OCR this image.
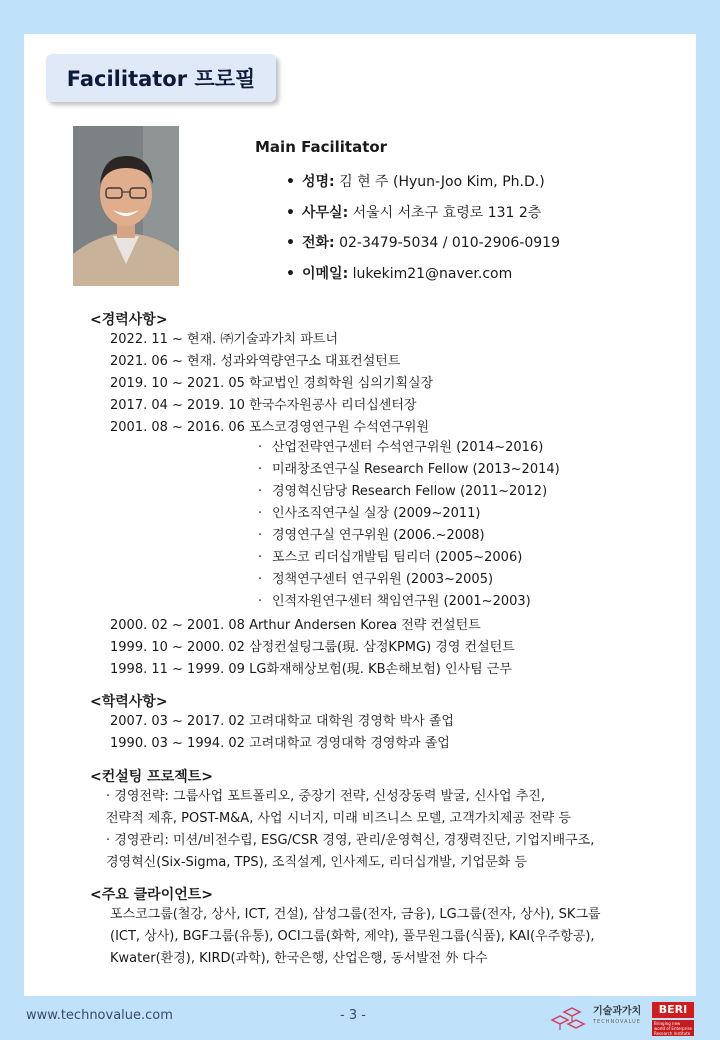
Facilitator 프로필
Main Facilitator
• 성명: 김 현 주 (Hyun-Joo Kim, Ph.D.)
• 사무실: 서울시 서초구 효령로 131 2층
• 전화: 02-3479-5034 / 010-2906-0919
• 이메일: lukekim21@naver.com
<경력사항>
2022. 11 ~ 현재. ㈜기술과가치 파트너
2021. 06 ~ 현재. 성과와역량연구소 대표컨설턴트
2019. 10 ~ 2021. 05 학교법인 경희학원 심의기획실장
2017. 04 ~ 2019. 10 한국수자원공사 리더십센터장
2001. 08 ~ 2016. 06 포스코경영연구원 수석연구위원
· 산업전략연구센터 수석연구위원 (2014~2016)
· 미래창조연구실 Research Fellow (2013~2014)
· 경영혁신담당 Research Fellow (2011~2012)
· 인사조직연구실 실장 (2009~2011)
· 경영연구실 연구위원 (2006.~2008)
· 포스코 리더십개발팀 팀리더 (2005~2006)
· 정책연구센터 연구위원 (2003~2005)
· 인적자원연구센터 책임연구원 (2001~2003)
2000. 02 ~ 2001. 08 Arthur Andersen Korea 전략 컨설턴트
1999. 10 ~ 2000. 02 삼정컨설팅그룹(現. 삼정KPMG) 경영 컨설턴트
1998. 11 ~ 1999. 09 LG화재해상보험(現. KB손해보험) 인사팀 근무
<학력사항>
2007. 03 ~ 2017. 02 고려대학교 대학원 경영학 박사 졸업
1990. 03 ~ 1994. 02 고려대학교 경영대학 경영학과 졸업
<컨설팅 프로젝트>
· 경영전략: 그룹사업 포트폴리오, 중장기 전략, 신성장동력 발굴, 신사업 추진,
전략적 제휴, POST-M&A, 사업 시너지, 미래 비즈니스 모델, 고객가치제공 전략 등
· 경영관리: 미션/비전수립, ESG/CSR 경영, 관리/운영혁신, 경쟁력진단, 기업지배구조,
경영혁신(Six-Sigma, TPS), 조직설계, 인사제도, 리더십개발, 기업문화 등
<주요 클라이언트>
포스코그룹(철강, 상사, ICT, 건설), 삼성그룹(전자, 금융), LG그룹(전자, 상사), SK그룹
(ICT, 상사), BGF그룹(유통), OCI그룹(화학, 제약), 풀무원그룹(식품), KAI(우주항공),
Kwater(환경), KIRD(과학), 한국은행, 산업은행, 동서발전 外 다수
www.technovalue.com	- 3 -	기술과가치
TECHNOVALUE
BERI
Bringing new world of Enterprise Research Institute
